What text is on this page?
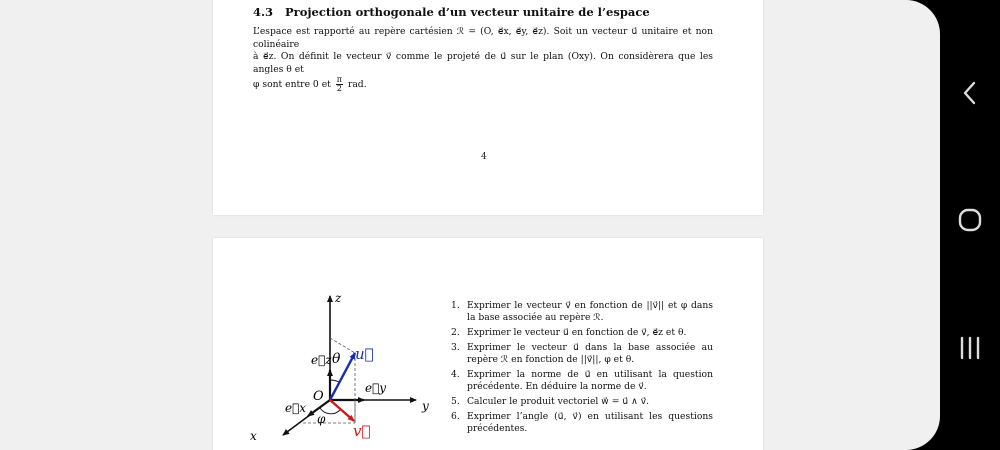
4.3 Projection orthogonale d’un vecteur unitaire de l’espace

L’espace est rapporté au repère cartésien ℛ = (O, e⃗x, e⃗y, e⃗z). Soit un vecteur u⃗ unitaire et non colinéaire

à e⃗z. On définit le vecteur v⃗ comme le projeté de u⃗ sur le plan (Oxy). On considèrera que les angles θ et

φ sont entre 0 et $\frac{\pi}{2}$ rad.

4
z
y
x
O
e⃗z
e⃗y
e⃗x
θ
φ
u⃗
v⃗
1. Exprimer le vecteur v⃗ en fonction de ||v⃗|| et φ dans la base associée au repère ℛ.
2. Exprimer le vecteur u⃗ en fonction de v⃗, e⃗z et θ.
3. Exprimer le vecteur u⃗ dans la base associée au repère ℛ en fonction de ||v⃗||, φ et θ.
4. Exprimer la norme de u⃗ en utilisant la question précédente. En déduire la norme de v⃗.
5. Calculer le produit vectoriel w⃗ = u⃗ ∧ v⃗.
6. Exprimer l’angle (u⃗, v⃗) en utilisant les questions précédentes.
